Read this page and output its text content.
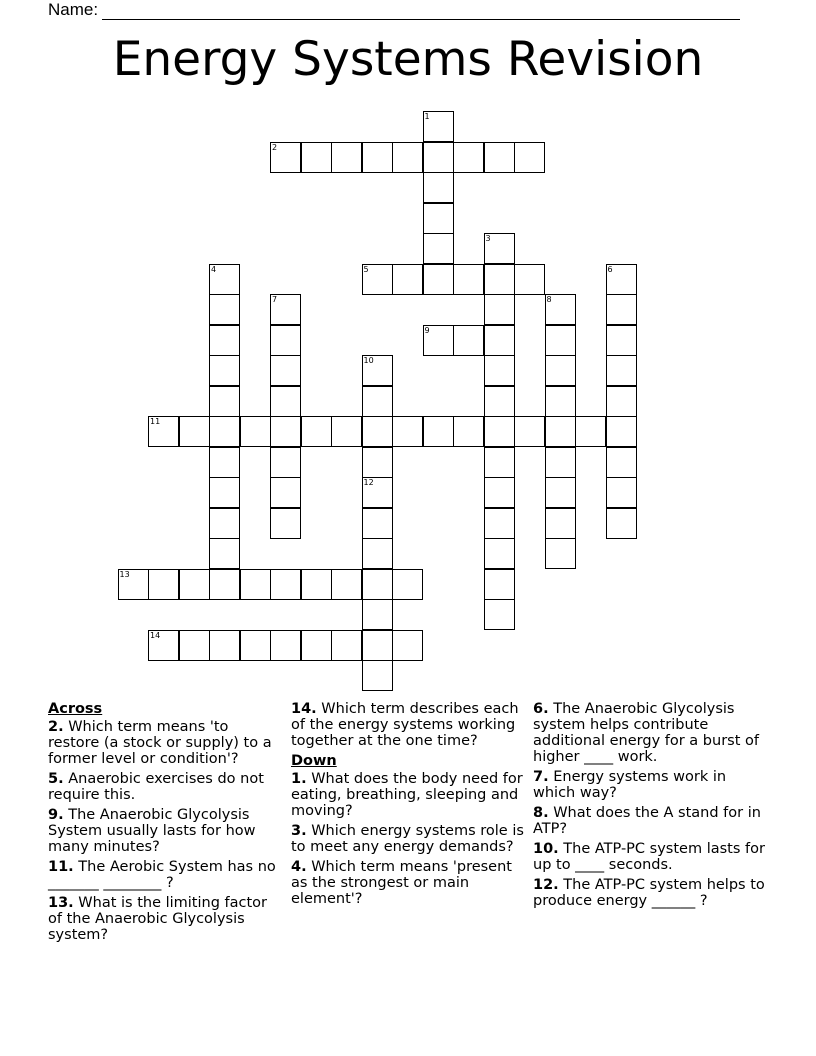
Name:
Energy Systems Revision
1
2
3
4	5	6
7	8
9
10
11
12
13
14
Across
2. Which term means 'to restore (a stock or supply) to a former level or condition'?
5. Anaerobic exercises do not require this.
9. The Anaerobic Glycolysis System usually lasts for how many minutes?
11. The Aerobic System has no _______ ________ ?
13. What is the limiting factor of the Anaerobic Glycolysis system?
14. Which term describes each of the energy systems working together at the one time?
Down
1. What does the body need for eating, breathing, sleeping and moving?
3. Which energy systems role is to meet any energy demands?
4. Which term means 'present as the strongest or main element'?
6. The Anaerobic Glycolysis system helps contribute additional energy for a burst of higher ____ work.
7. Energy systems work in which way?
8. What does the A stand for in ATP?
10. The ATP-PC system lasts for up to ____ seconds.
12. The ATP-PC system helps to produce energy ______ ?
